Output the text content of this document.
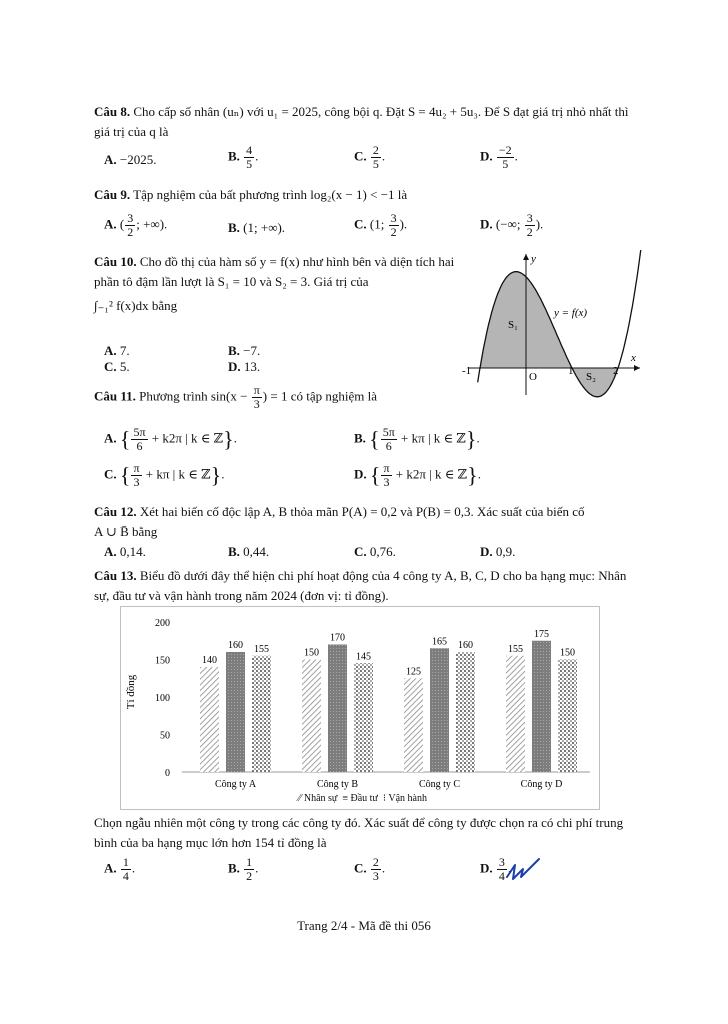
Câu 8. Cho cấp số nhân (uₙ) với u₁ = 2025, công bội q. Đặt S = 4u₂ + 5u₃. Để S đạt giá trị nhỏ nhất thì giá trị của q là
A. −2025.	B. $\frac{4}{5}$ .	C. $\frac{2}{5}$ .	D. $\frac{-2}{5}$ .
Câu 9. Tập nghiệm của bất phương trình log₂(x − 1) < −1 là
A. ( $\frac{3}{2}$ ; +∞).	B. (1; +∞).	C. (1; $\frac{3}{2}$ ).	D. (−∞; $\frac{3}{2}$ ).
Câu 10. Cho đồ thị của hàm số y = f(x) như hình bên và diện tích hai phần tô đậm lần lượt là S₁ = 10 và S₂ = 3. Giá trị của
∫₋₁² f(x)dx bằng
A. 7.	B. −7.
C. 5.	D. 13.
y
x
O
-1	1	2
S₁
S₂
y = f(x)
Câu 11. Phương trình $\sin(x - \frac{\pi}{3}$ ) = 1 có tập nghiệm là
A. { $\frac{5\pi}{6} + k2\pi$ | k ∈ ℤ}.	B. { $\frac{5\pi}{6} + k\pi$ | k ∈ ℤ}.
C. { $\frac{\pi}{3} + k\pi$ | k ∈ ℤ}.	D. { $\frac{\pi}{3} + k2\pi$ | k ∈ ℤ}.
Câu 12. Xét hai biến cố độc lập A, B thỏa mãn P(A) = 0,2 và P(B) = 0,3. Xác suất của biến cố
A ∪ B̄ bằng
A. 0,14.	B. 0,44.	C. 0,76.	D. 0,9.
Câu 13. Biểu đồ dưới đây thể hiện chi phí hoạt động của 4 công ty A, B, C, D cho ba hạng mục: Nhân sự, đầu tư và vận hành trong năm 2024 (đơn vị: tỉ đồng).
Tỉ đồng
0
50
100
150
200
140
160 155	150
170
145
125
165 160	155
175
150
Công ty A	Công ty B	Công ty C	Công ty D
⁄⁄ Nhân sự ≡ Đầu tư ⁝ Vận hành
Chọn ngẫu nhiên một công ty trong các công ty đó. Xác suất để công ty được chọn ra có chi phí trung bình của ba hạng mục lớn hơn 154 tỉ đồng là
A. $\frac{1}{4}$ .	B. $\frac{1}{2}$ .	C. $\frac{2}{3}$ .	D. $\frac{3}{4}$ .
Trang 2/4 - Mã đề thi 056
